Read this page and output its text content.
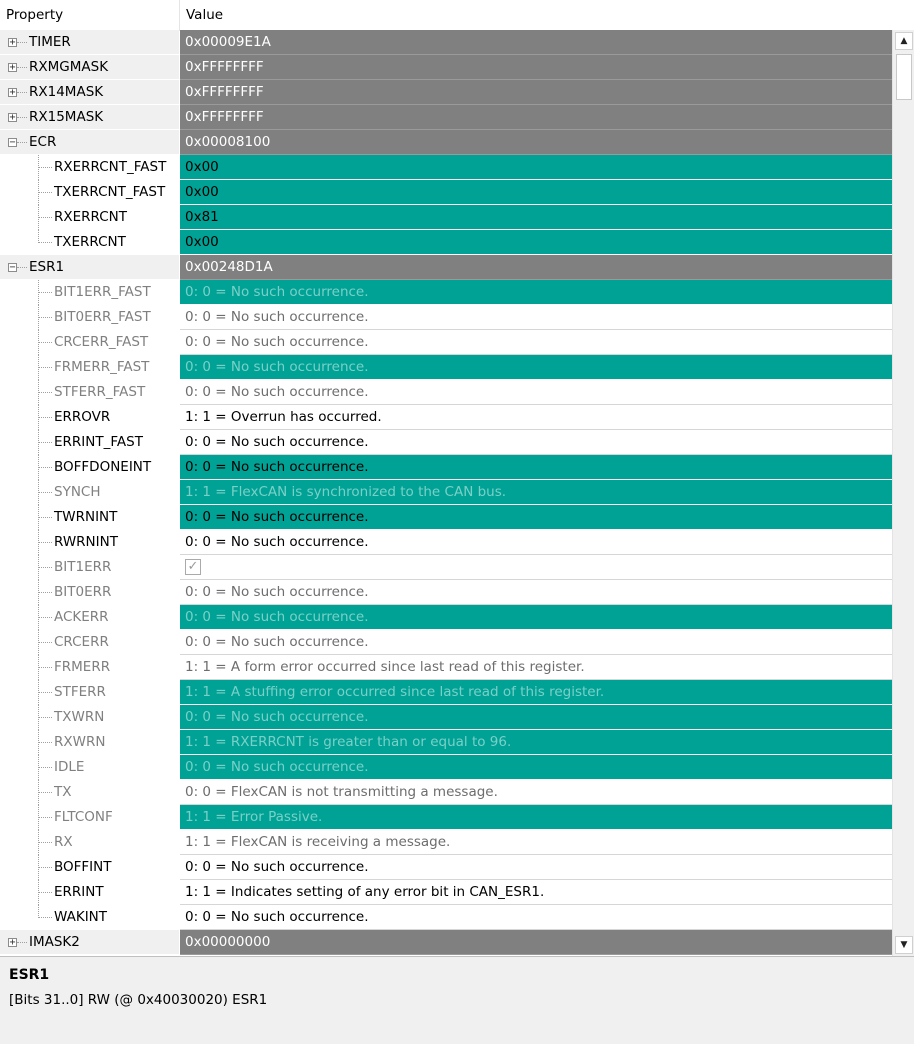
Property	Value
+ TIMER	0x00009E1A
+ RXMGMASK	0xFFFFFFFF
+ RX14MASK	0xFFFFFFFF
+ RX15MASK	0xFFFFFFFF
− ECR	0x00008100
RXERRCNT_FAST	0x00
TXERRCNT_FAST	0x00
RXERRCNT	0x81
TXERRCNT	0x00
− ESR1	0x00248D1A
BIT1ERR_FAST	0: 0 = No such occurrence.
BIT0ERR_FAST	0: 0 = No such occurrence.
CRCERR_FAST	0: 0 = No such occurrence.
FRMERR_FAST	0: 0 = No such occurrence.
STFERR_FAST	0: 0 = No such occurrence.
ERROVR	1: 1 = Overrun has occurred.
ERRINT_FAST	0: 0 = No such occurrence.
BOFFDONEINT	0: 0 = No such occurrence.
SYNCH	1: 1 = FlexCAN is synchronized to the CAN bus.
TWRNINT	0: 0 = No such occurrence.
RWRNINT	0: 0 = No such occurrence.
BIT1ERR	✓
BIT0ERR	0: 0 = No such occurrence.
ACKERR	0: 0 = No such occurrence.
CRCERR	0: 0 = No such occurrence.
FRMERR	1: 1 = A form error occurred since last read of this register.
STFERR	1: 1 = A stuffing error occurred since last read of this register.
TXWRN	0: 0 = No such occurrence.
RXWRN	1: 1 = RXERRCNT is greater than or equal to 96.
IDLE	0: 0 = No such occurrence.
TX	0: 0 = FlexCAN is not transmitting a message.
FLTCONF	1: 1 = Error Passive.
RX	1: 1 = FlexCAN is receiving a message.
BOFFINT	0: 0 = No such occurrence.
ERRINT	1: 1 = Indicates setting of any error bit in CAN_ESR1.
WAKINT	0: 0 = No such occurrence.
+ IMASK2	0x00000000
▲
▼
ESR1
[Bits 31..0] RW (@ 0x40030020) ESR1
